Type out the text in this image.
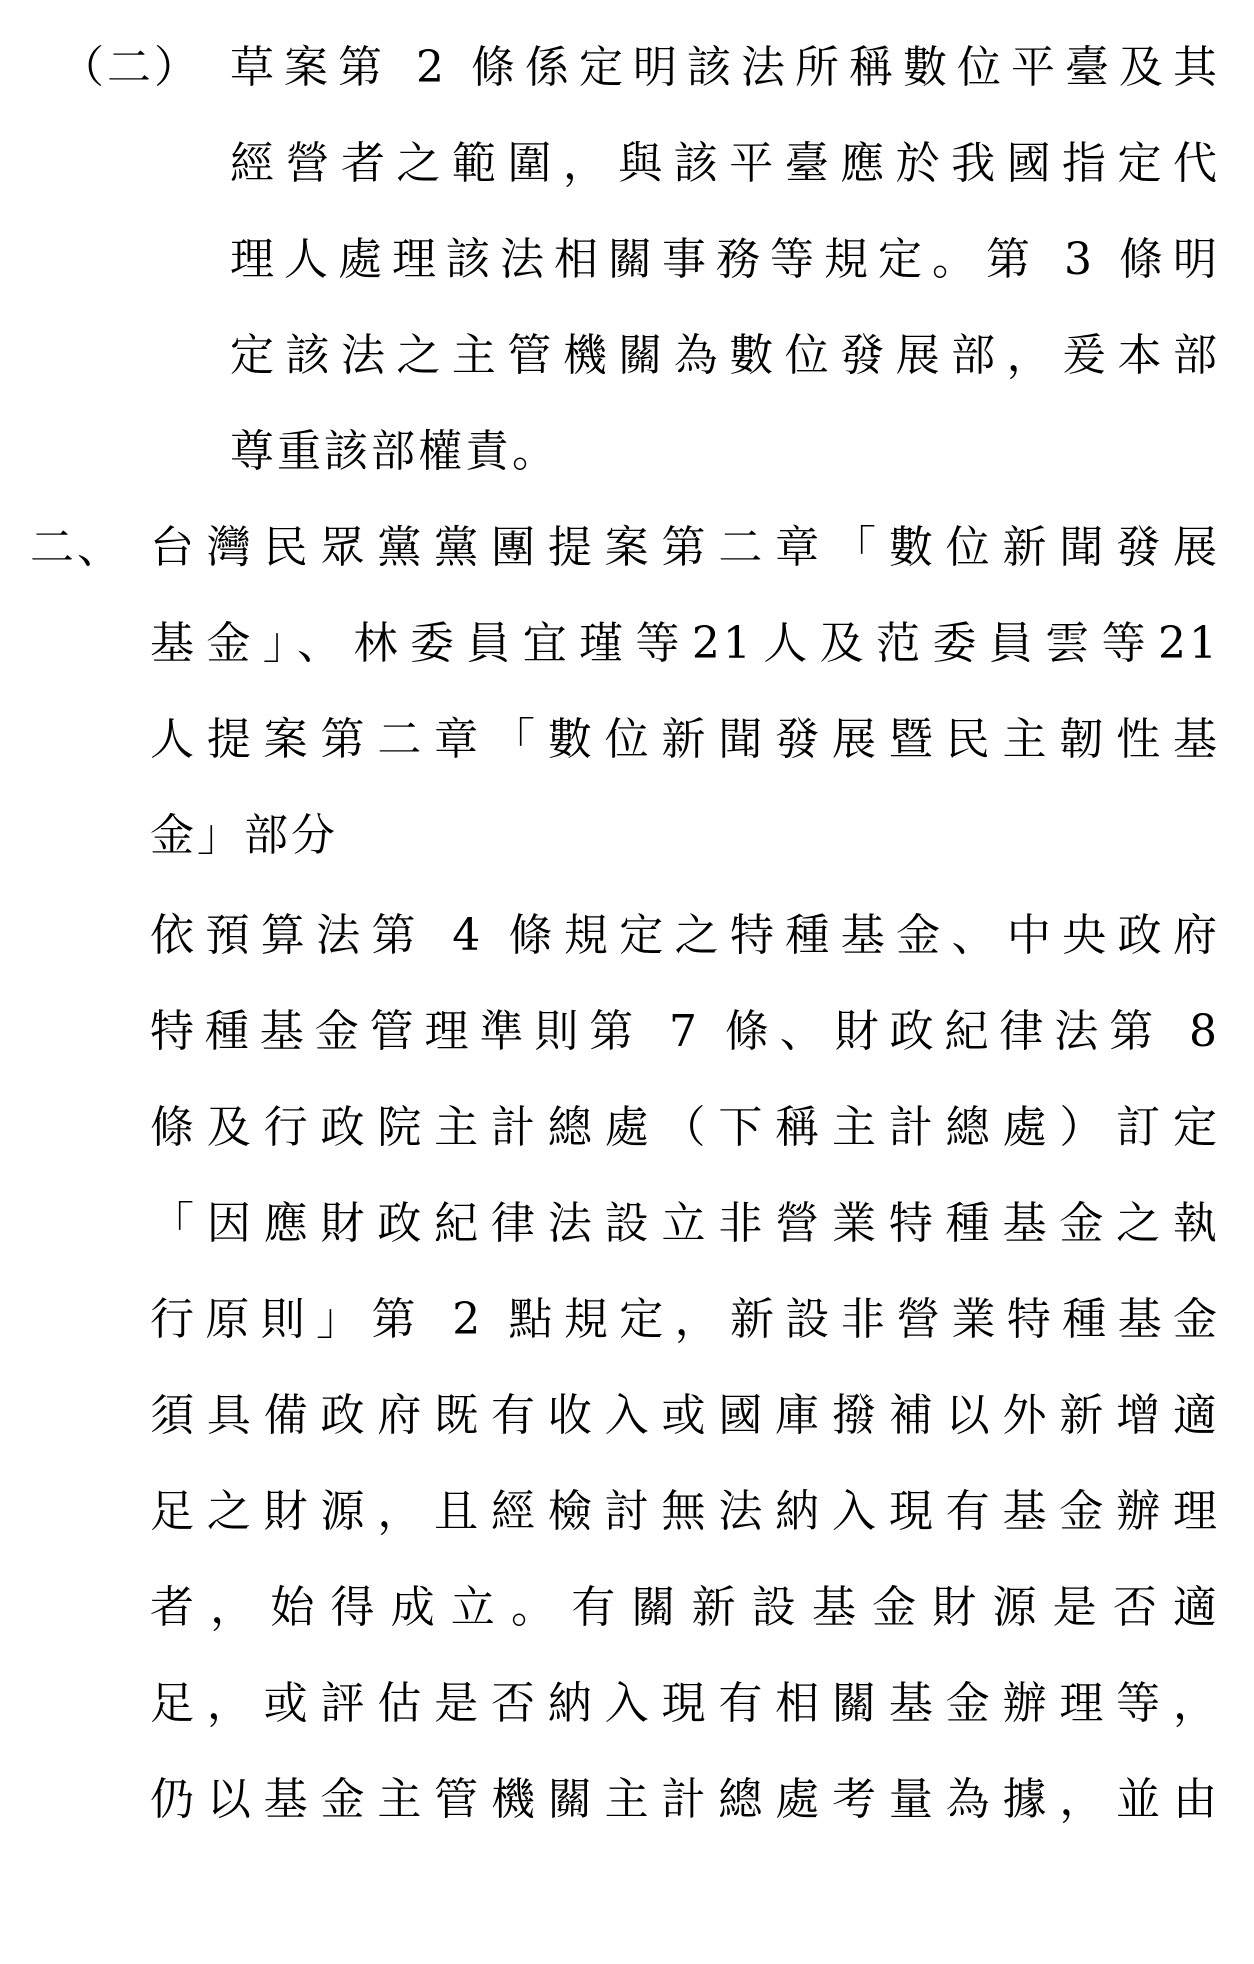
（二） 草案第 2 條係定明該法所稱數位平臺及其
經營者之範圍，與該平臺應於我國指定代
理人處理該法相關事務等規定。第 3 條明
定該法之主管機關為數位發展部，爰本部
尊重該部權責。
二、 台灣民眾黨黨團提案第二章「數位新聞發展
基金」、林委員宜瑾等21人及范委員雲等21
人提案第二章「數位新聞發展暨民主韌性基
金」部分
依預算法第 4 條規定之特種基金、中央政府
特種基金管理準則第 7 條、財政紀律法第 8
條及行政院主計總處（下稱主計總處）訂定
「因應財政紀律法設立非營業特種基金之執
行原則」第 2 點規定，新設非營業特種基金
須具備政府既有收入或國庫撥補以外新增適
足之財源，且經檢討無法納入現有基金辦理
者，始得成立。有關新設基金財源是否適
足，或評估是否納入現有相關基金辦理等，
仍以基金主管機關主計總處考量為據，並由
